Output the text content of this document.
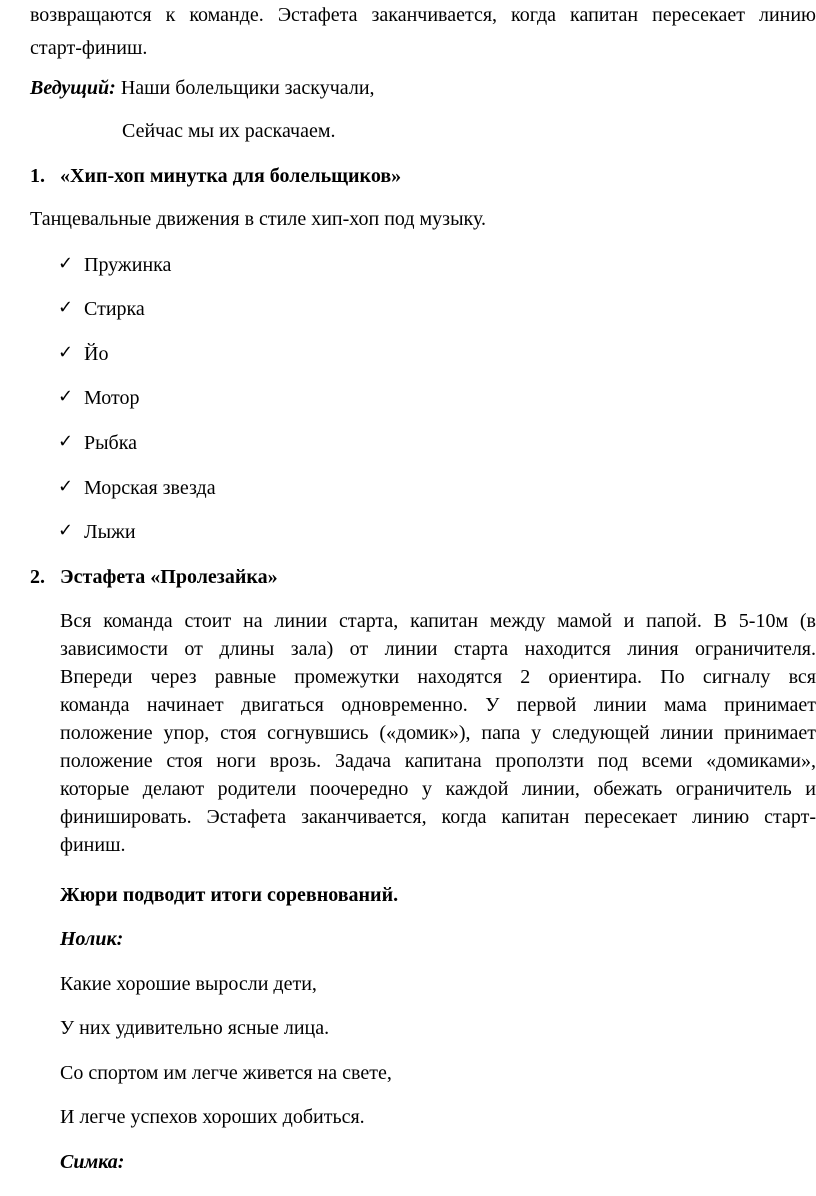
возвращаются к команде. Эстафета заканчивается, когда капитан пересекает линию
старт-финиш.
Ведущий: Наши болельщики заскучали,
Сейчас мы их раскачаем.
1. «Хип-хоп минутка для болельщиков»
Танцевальные движения в стиле хип-хоп под музыку.
✓ Пружинка
✓ Стирка
✓ Йо
✓ Мотор
✓ Рыбка
✓ Морская звезда
✓ Лыжи
2. Эстафета «Пролезайка»
Вся команда стоит на линии старта, капитан между мамой и папой. В 5-10м (в
зависимости от длины зала) от линии старта находится линия ограничителя.
Впереди через равные промежутки находятся 2 ориентира. По сигналу вся
команда начинает двигаться одновременно. У первой линии мама принимает
положение упор, стоя согнувшись («домик»), папа у следующей линии принимает
положение стоя ноги врозь. Задача капитана проползти под всеми «домиками»,
которые делают родители поочередно у каждой линии, обежать ограничитель и
финишировать. Эстафета заканчивается, когда капитан пересекает линию старт-
финиш.
Жюри подводит итоги соревнований.
Нолик:
Какие хорошие выросли дети,
У них удивительно ясные лица.
Со спортом им легче живется на свете,
И легче успехов хороших добиться.
Симка:
